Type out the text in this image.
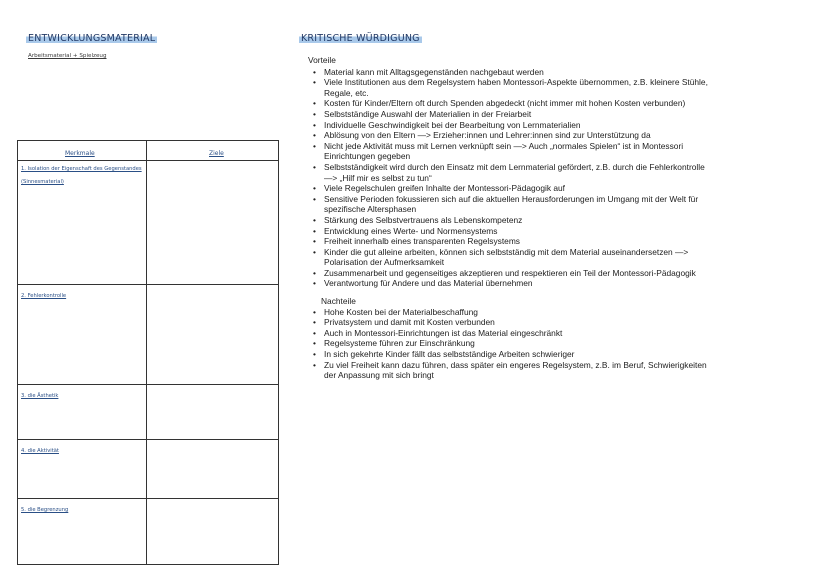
ENTWICKLUNGSMATERIAL
Arbeitsmaterial + Spielzeug
Merkmale	Ziele
1. Isolation der Eigenschaft des Gegenstandes (Sinnesmaterial)
2. Fehlerkontrolle
3. die Ästhetik
4. die Aktivität
5. die Begrenzung
KRITISCHE WÜRDIGUNG
Vorteile
• Material kann mit Alltagsgegenständen nachgebaut werden
• Viele Institutionen aus dem Regelsystem haben Montessori-Aspekte übernommen, z.B. kleinere Stühle, Regale, etc.
• Kosten für Kinder/Eltern oft durch Spenden abgedeckt (nicht immer mit hohen Kosten verbunden)
• Selbstständige Auswahl der Materialien in der Freiarbeit
• Individuelle Geschwindigkeit bei der Bearbeitung von Lernmaterialien
• Ablösung von den Eltern —> Erzieher:innen und Lehrer:innen sind zur Unterstützung da
• Nicht jede Aktivität muss mit Lernen verknüpft sein —> Auch „normales Spielen“ ist in Montessori Einrichtungen gegeben
• Selbstständigkeit wird durch den Einsatz mit dem Lernmaterial gefördert, z.B. durch die Fehlerkontrolle —> „Hilf mir es selbst zu tun“
• Viele Regelschulen greifen Inhalte der Montessori-Pädagogik auf
• Sensitive Perioden fokussieren sich auf die aktuellen Herausforderungen im Umgang mit der Welt für spezifische Altersphasen
• Stärkung des Selbstvertrauens als Lebenskompetenz
• Entwicklung eines Werte- und Normensystems
• Freiheit innerhalb eines transparenten Regelsystems
• Kinder die gut alleine arbeiten, können sich selbstständig mit dem Material auseinandersetzen —> Polarisation der Aufmerksamkeit
• Zusammenarbeit und gegenseitiges akzeptieren und respektieren ein Teil der Montessori-Pädagogik
• Verantwortung für Andere und das Material übernehmen
Nachteile
• Hohe Kosten bei der Materialbeschaffung
• Privatsystem und damit mit Kosten verbunden
• Auch in Montessori-Einrichtungen ist das Material eingeschränkt
• Regelsysteme führen zur Einschränkung
• In sich gekehrte Kinder fällt das selbstständige Arbeiten schwieriger
• Zu viel Freiheit kann dazu führen, dass später ein engeres Regelsystem, z.B. im Beruf, Schwierigkeiten der Anpassung mit sich bringt
